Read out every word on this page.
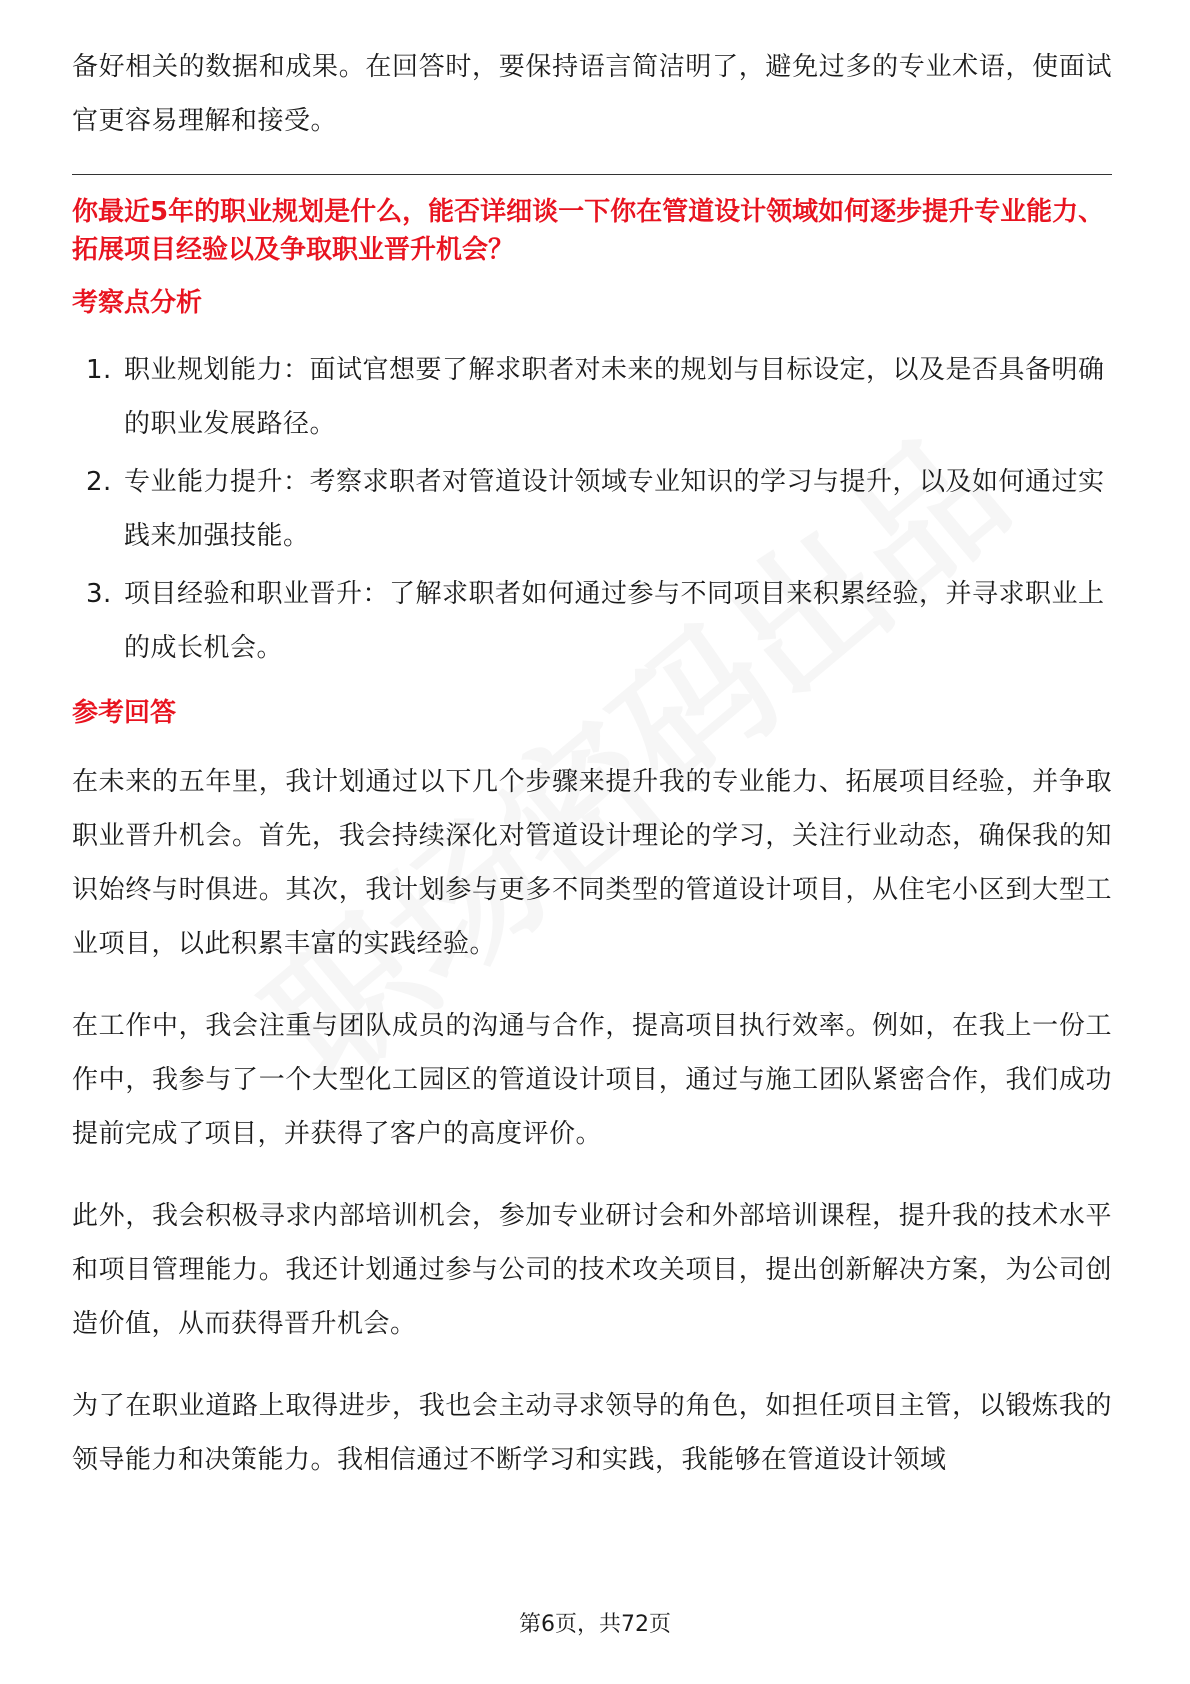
备好相关的数据和成果。在回答时，要保持语言简洁明了，避免过多的专业术语，使面试官更容易理解和接受。

你最近5年的职业规划是什么，能否详细谈一下你在管道设计领域如何逐步提升专业能力、拓展项目经验以及争取职业晋升机会？

考察点分析
1. 职业规划能力：面试官想要了解求职者对未来的规划与目标设定，以及是否具备明确的职业发展路径。
2. 专业能力提升：考察求职者对管道设计领域专业知识的学习与提升，以及如何通过实践来加强技能。
3. 项目经验和职业晋升：了解求职者如何通过参与不同项目来积累经验，并寻求职业上的成长机会。
参考回答

在未来的五年里，我计划通过以下几个步骤来提升我的专业能力、拓展项目经验，并争取职业晋升机会。首先，我会持续深化对管道设计理论的学习，关注行业动态，确保我的知识始终与时俱进。其次，我计划参与更多不同类型的管道设计项目，从住宅小区到大型工业项目，以此积累丰富的实践经验。

在工作中，我会注重与团队成员的沟通与合作，提高项目执行效率。例如，在我上一份工作中，我参与了一个大型化工园区的管道设计项目，通过与施工团队紧密合作，我们成功提前完成了项目，并获得了客户的高度评价。

此外，我会积极寻求内部培训机会，参加专业研讨会和外部培训课程，提升我的技术水平和项目管理能力。我还计划通过参与公司的技术攻关项目，提出创新解决方案，为公司创造价值，从而获得晋升机会。

为了在职业道路上取得进步，我也会主动寻求领导的角色，如担任项目主管，以锻炼我的领导能力和决策能力。我相信通过不断学习和实践，我能够在管道设计领域

第6页，共72页
